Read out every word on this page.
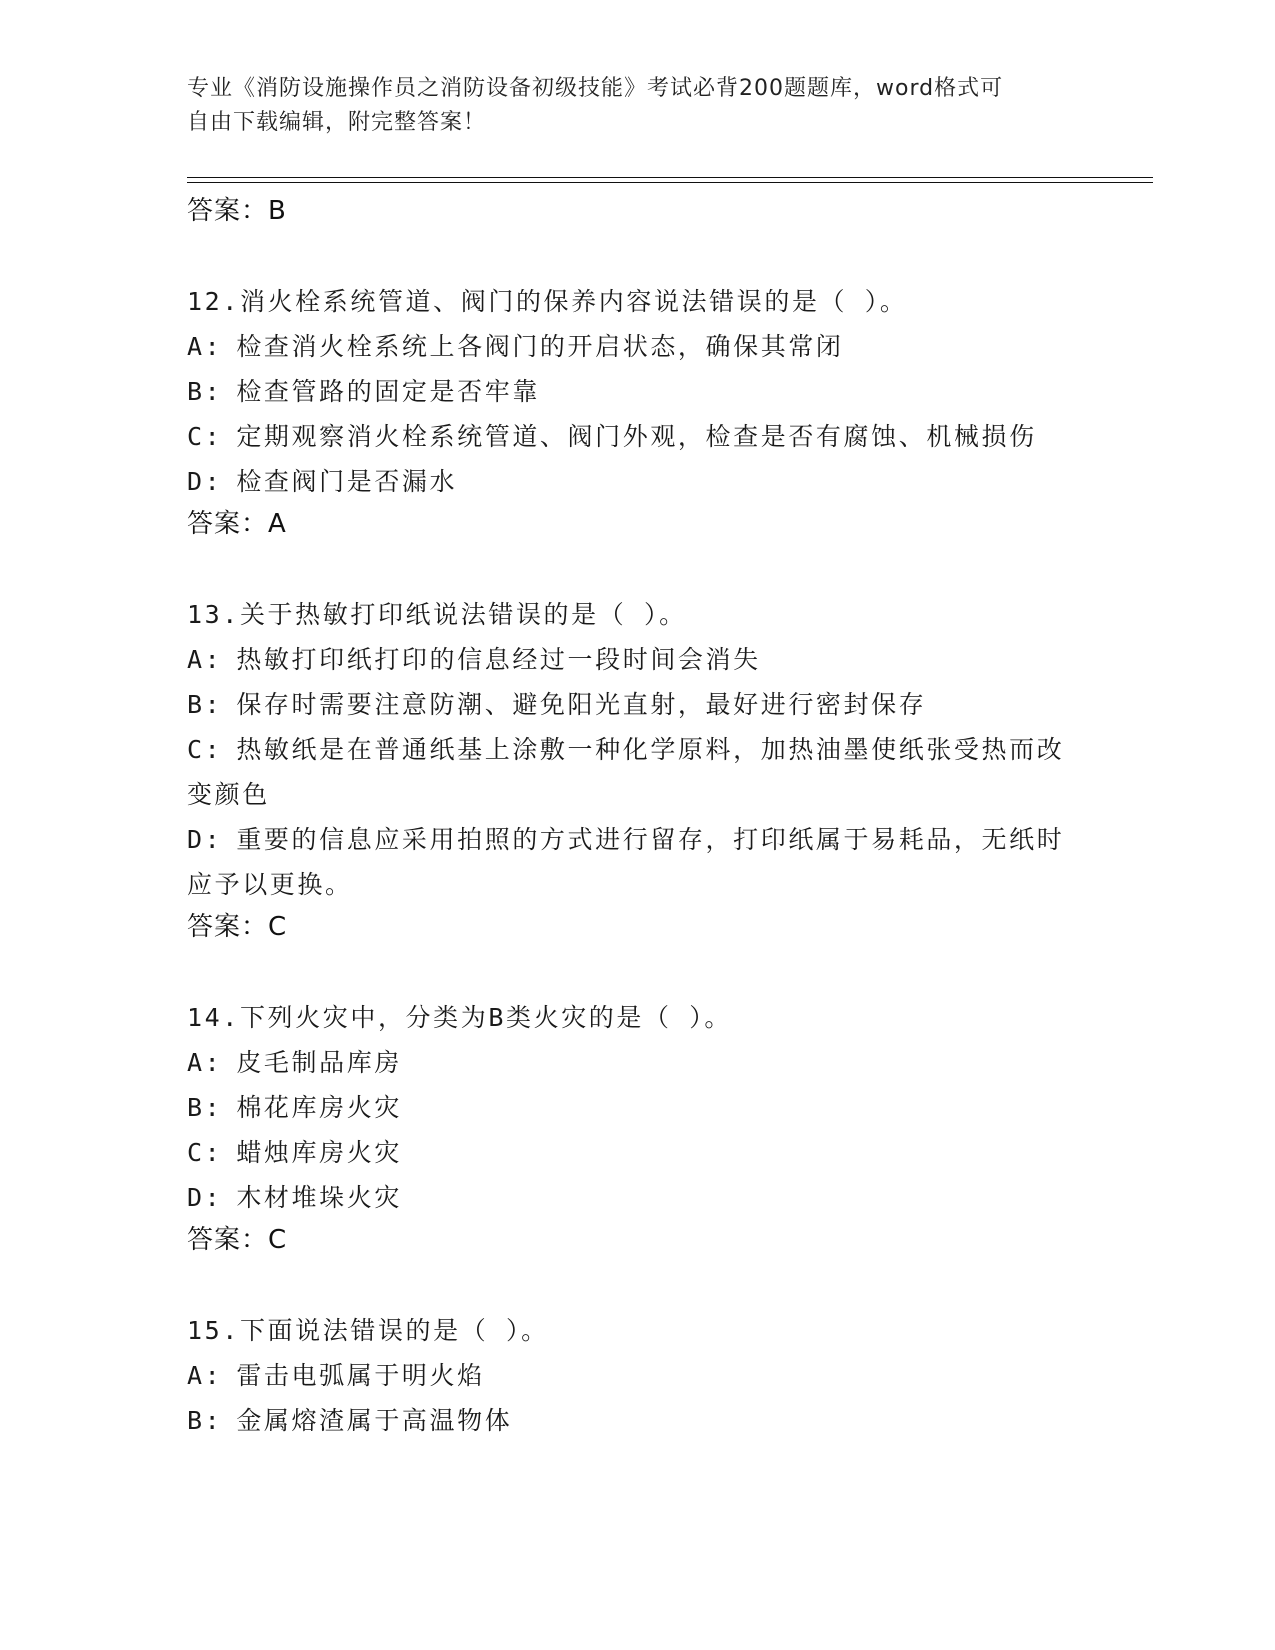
专业《消防设施操作员之消防设备初级技能》考试必背200题题库，word格式可
自由下载编辑，附完整答案！

答案：B

12.消火栓系统管道、阀门的保养内容说法错误的是（ ）。

A: 检查消火栓系统上各阀门的开启状态，确保其常闭

B: 检查管路的固定是否牢靠

C: 定期观察消火栓系统管道、阀门外观，检查是否有腐蚀、机械损伤

D: 检查阀门是否漏水

答案：A

13.关于热敏打印纸说法错误的是（ ）。

A: 热敏打印纸打印的信息经过一段时间会消失

B: 保存时需要注意防潮、避免阳光直射，最好进行密封保存

C: 热敏纸是在普通纸基上涂敷一种化学原料，加热油墨使纸张受热而改变颜色

D: 重要的信息应采用拍照的方式进行留存，打印纸属于易耗品，无纸时应予以更换。

答案：C

14.下列火灾中，分类为B类火灾的是（ ）。

A: 皮毛制品库房

B: 棉花库房火灾

C: 蜡烛库房火灾

D: 木材堆垛火灾

答案：C

15.下面说法错误的是（ ）。

A: 雷击电弧属于明火焰

B: 金属熔渣属于高温物体
